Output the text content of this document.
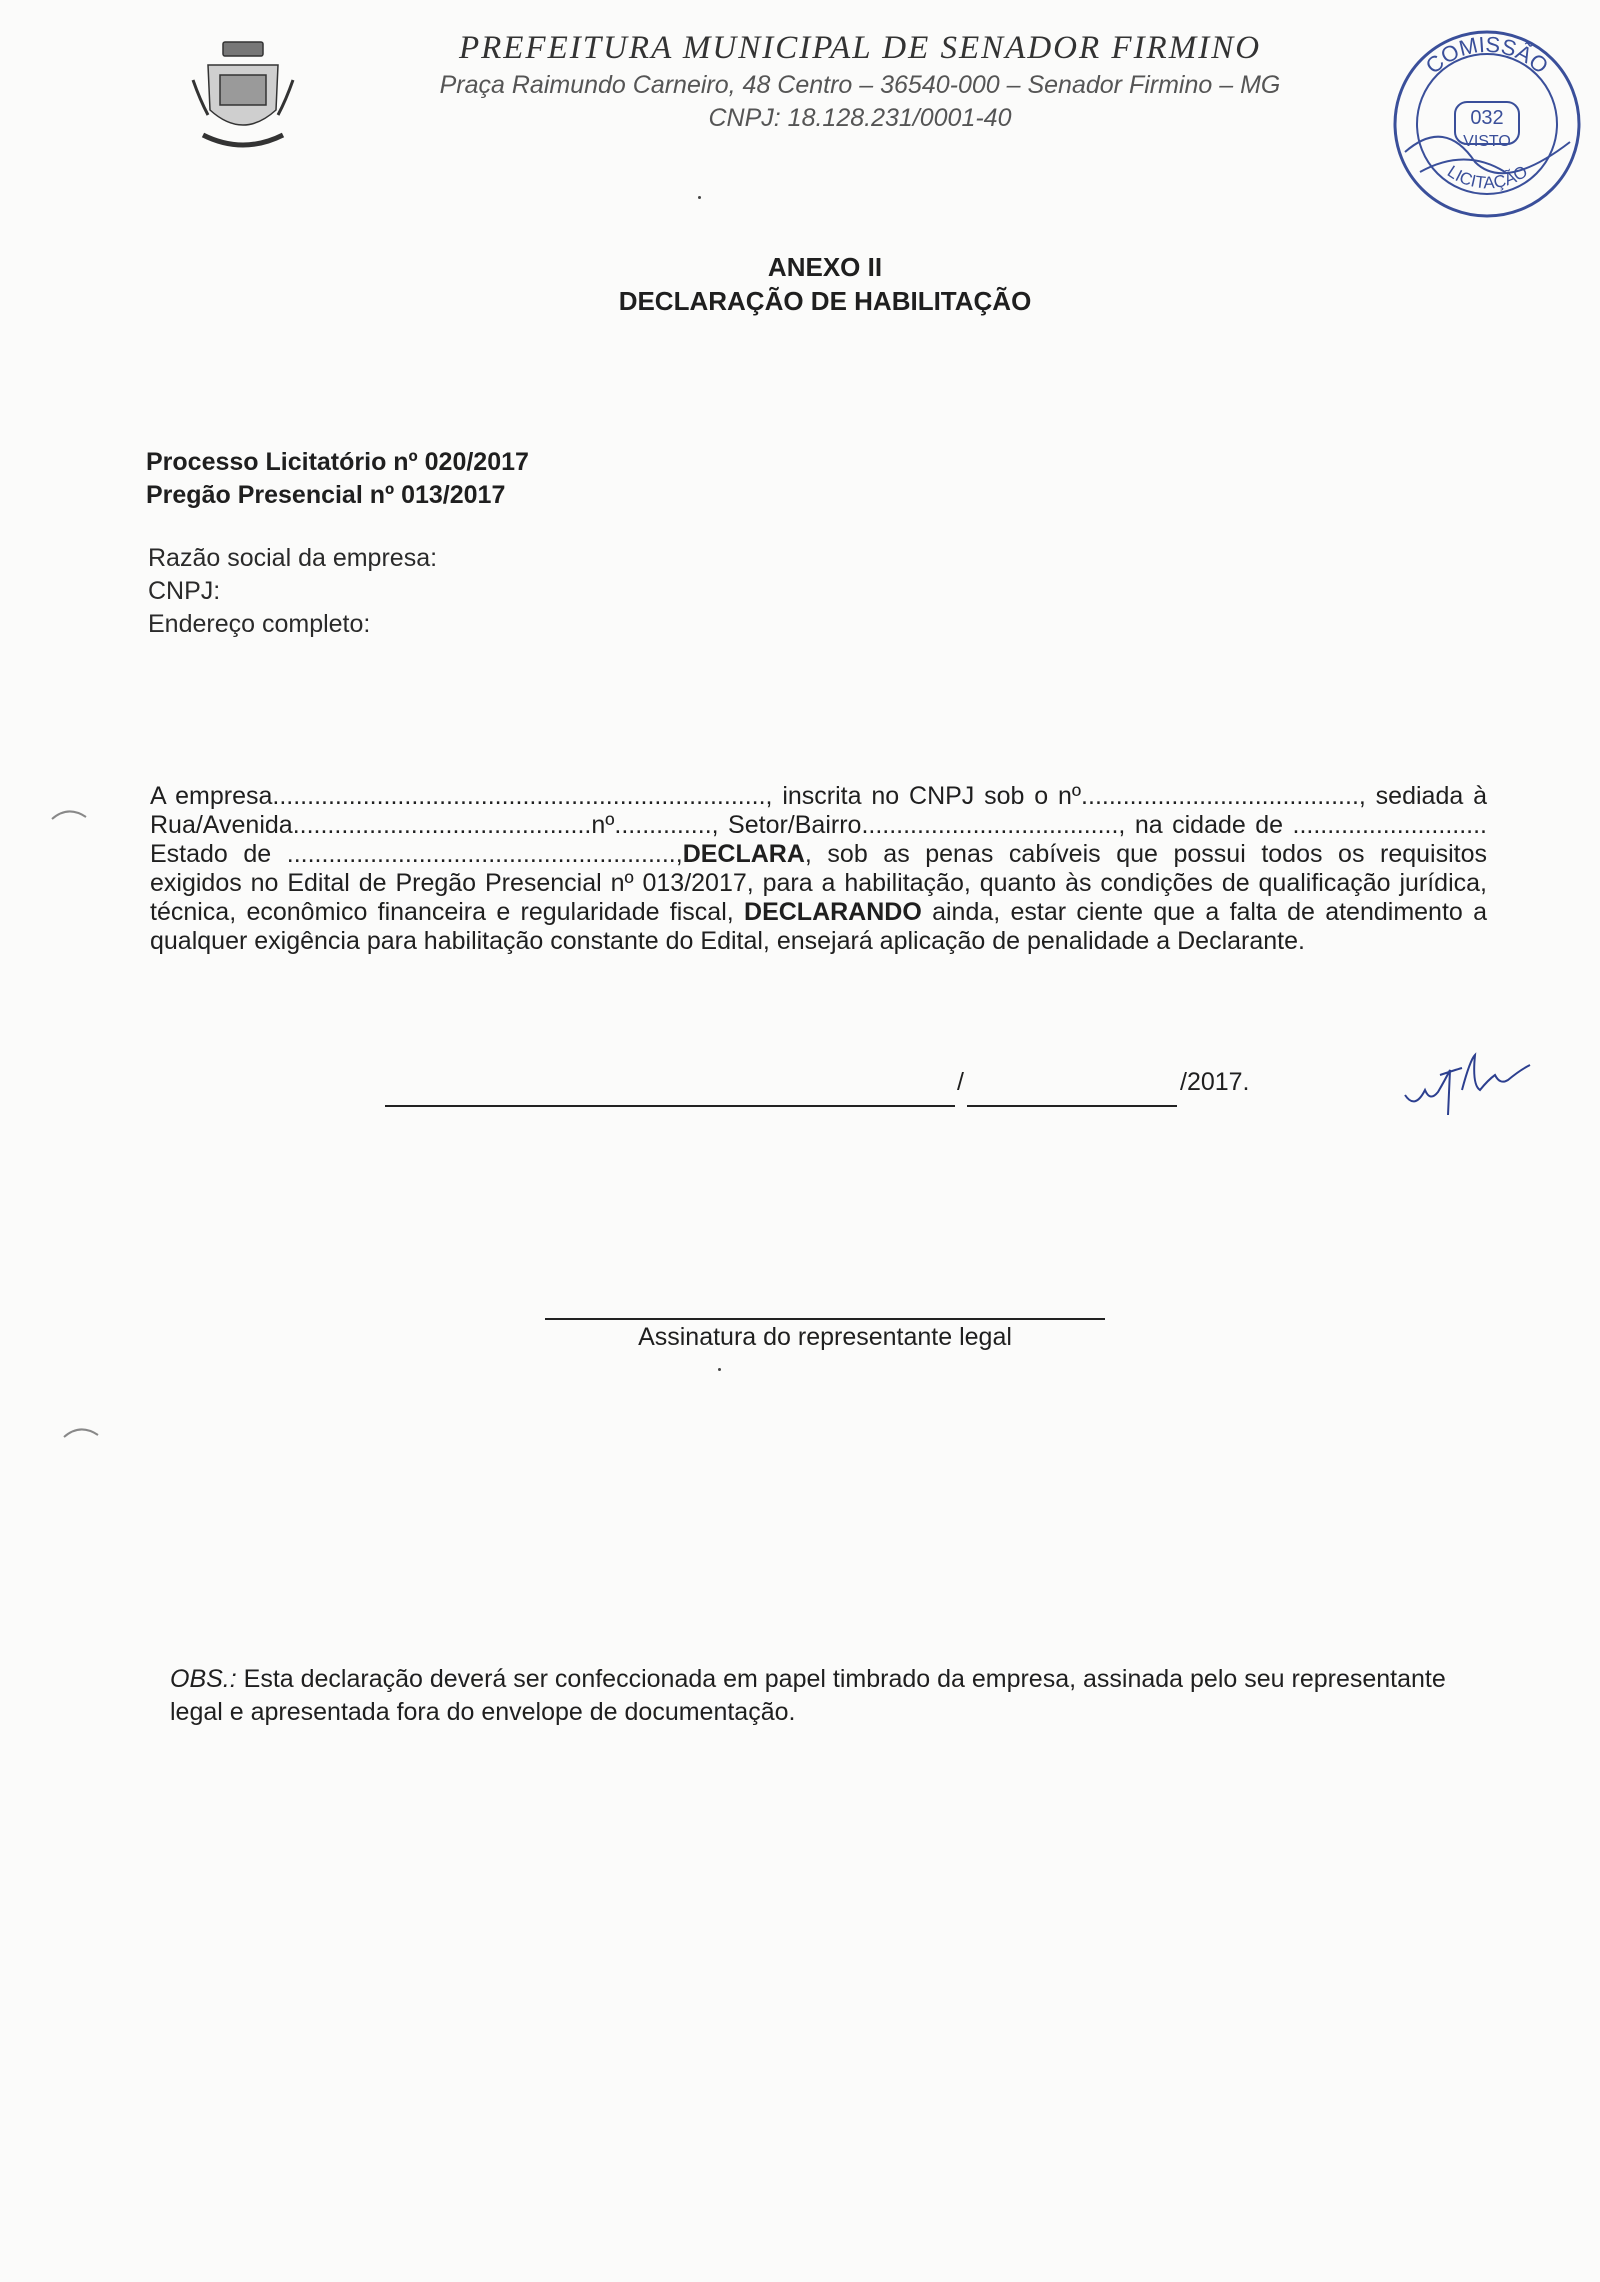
PREFEITURA MUNICIPAL DE SENADOR FIRMINO
Praça Raimundo Carneiro, 48 Centro – 36540-000 – Senador Firmino – MG
CNPJ: 18.128.231/0001-40
COMISSÃO
032
VISTO
LICITAÇÃO
ANEXO II
DECLARAÇÃO DE HABILITAÇÃO
Processo Licitatório nº 020/2017
Pregão Presencial nº 013/2017
Razão social da empresa:
CNPJ:
Endereço completo:
A empresa......................................................................., inscrita no CNPJ sob o nº........................................, sediada à Rua/Avenida...........................................nº.............., Setor/Bairro....................................., na cidade de ............................ Estado de ........................................................,DECLARA, sob as penas cabíveis que possui todos os requisitos exigidos no Edital de Pregão Presencial nº 013/2017, para a habilitação, quanto às condições de qualificação jurídica, técnica, econômico financeira e regularidade fiscal, DECLARANDO ainda, estar ciente que a falta de atendimento a qualquer exigência para habilitação constante do Edital, ensejará aplicação de penalidade a Declarante.
/	/2017.
Assinatura do representante legal
OBS.: Esta declaração deverá ser confeccionada em papel timbrado da empresa, assinada pelo seu representante legal e apresentada fora do envelope de documentação.
